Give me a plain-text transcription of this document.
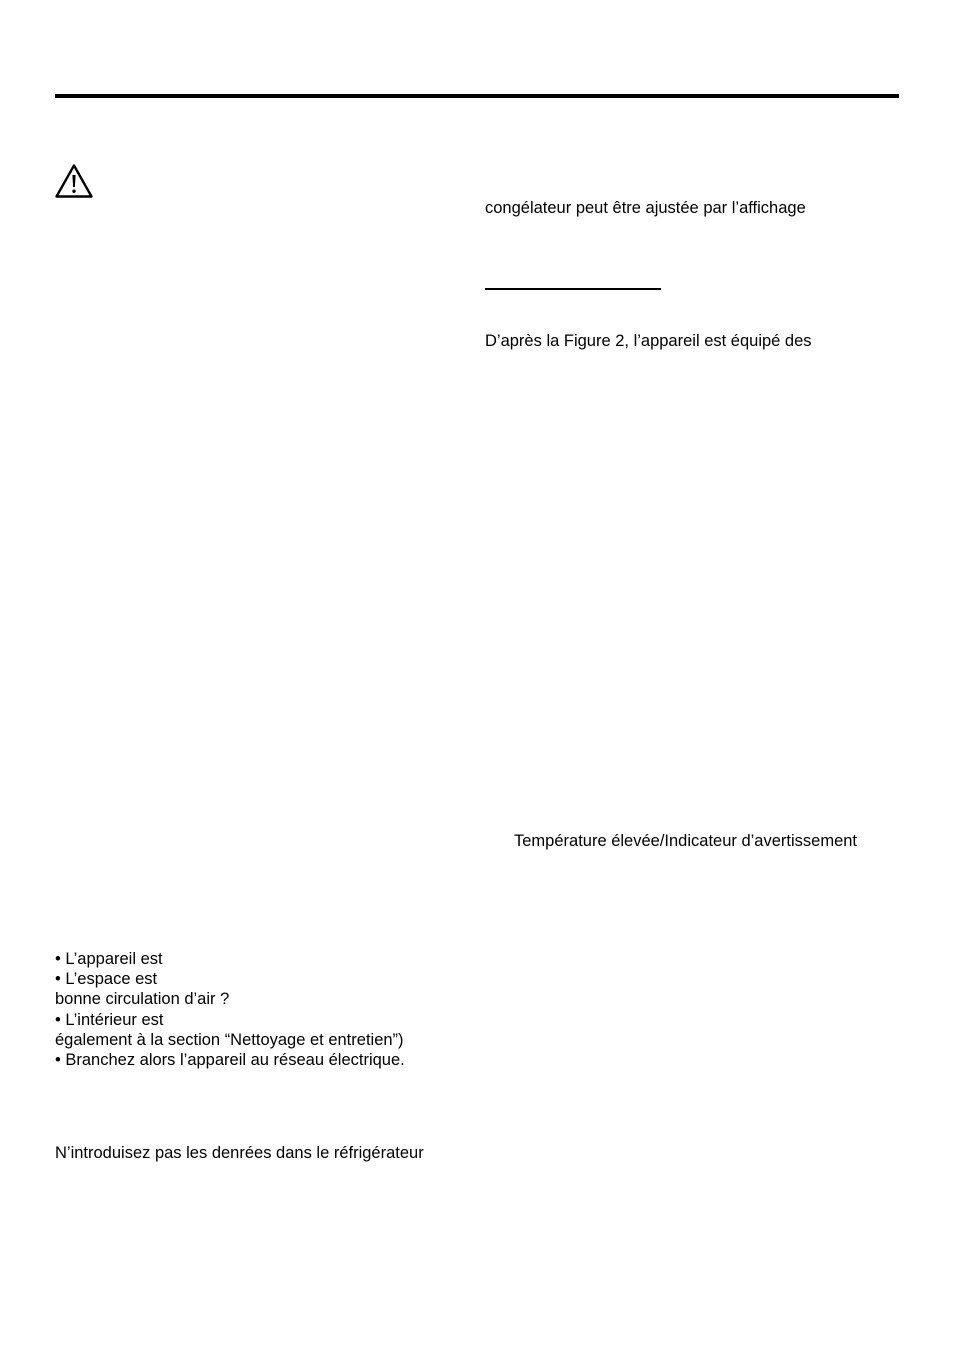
congélateur peut être ajustée par l’affichage
D’après la Figure 2, l’appareil est équipé des
Température élevée/Indicateur d’avertissement
• L’appareil est
• L’espace est
bonne circulation d’air ?
• L’intérieur est
également à la section “Nettoyage et entretien”)
• Branchez alors l’appareil au réseau électrique.
N’introduisez pas les denrées dans le réfrigérateur
